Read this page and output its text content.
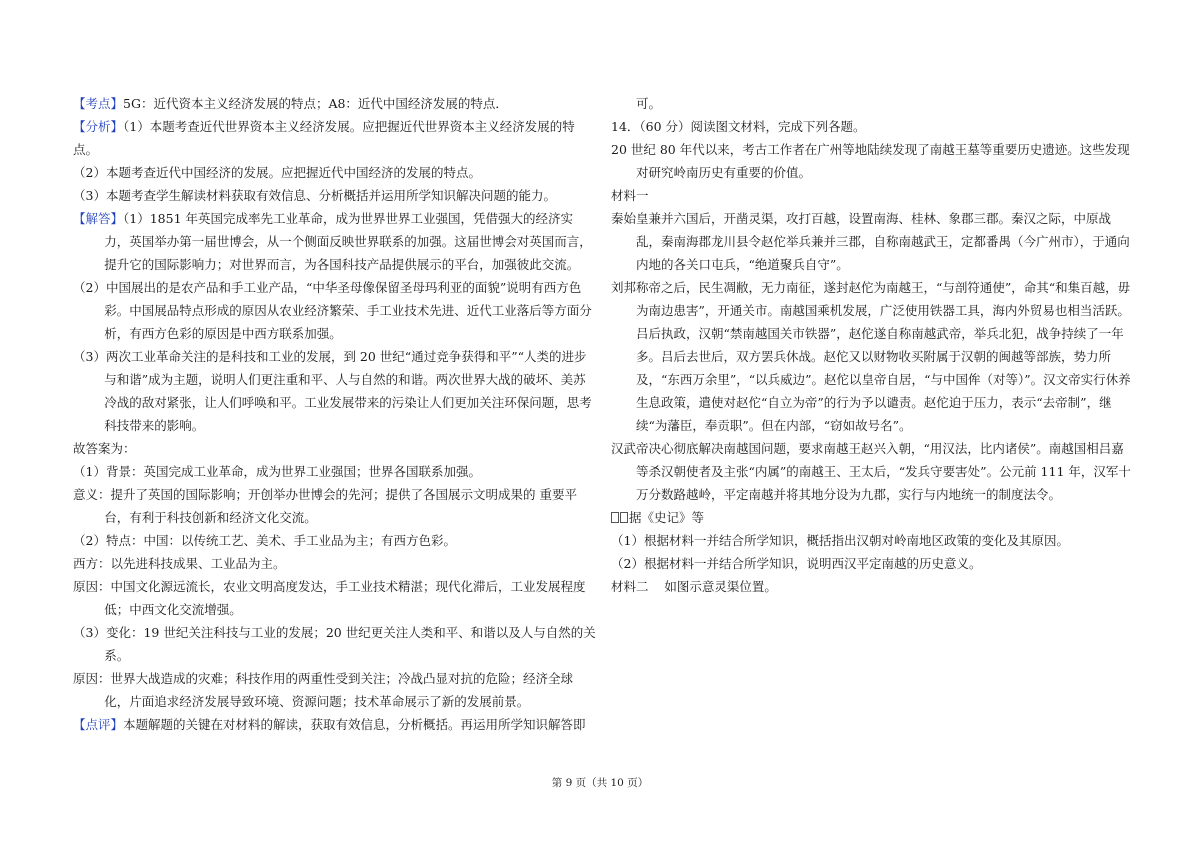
【考点】5G：近代资本主义经济发展的特点；A8：近代中国经济发展的特点．

【分析】（1）本题考查近代世界资本主义经济发展。应把握近代世界资本主义经济发展的特点。

（2）本题考查近代中国经济的发展。应把握近代中国经济的发展的特点。

（3）本题考查学生解读材料获取有效信息、分析概括并运用所学知识解决问题的能力。

【解答】（1）1851 年英国完成率先工业革命，成为世界世界工业强国，凭借强大的经济实力，英国举办第一届世博会，从一个侧面反映世界联系的加强。这届世博会对英国而言，提升它的国际影响力；对世界而言，为各国科技产品提供展示的平台，加强彼此交流。

（2）中国展出的是农产品和手工业产品，“中华圣母像保留圣母玛利亚的面貌”说明有西方色彩。中国展品特点形成的原因从农业经济繁荣、手工业技术先进、近代工业落后等方面分析，有西方色彩的原因是中西方联系加强。

（3）两次工业革命关注的是科技和工业的发展，到 20 世纪“通过竞争获得和平”“人类的进步与和谐”成为主题，说明人们更注重和平、人与自然的和谐。两次世界大战的破坏、美苏冷战的敌对紧张，让人们呼唤和平。工业发展带来的污染让人们更加关注环保问题，思考科技带来的影响。

故答案为：

（1）背景：英国完成工业革命，成为世界工业强国；世界各国联系加强。

意义：提升了英国的国际影响；开创举办世博会的先河；提供了各国展示文明成果的 重要平台，有利于科技创新和经济文化交流。

（2）特点：中国：以传统工艺、美术、手工业品为主；有西方色彩。

西方：以先进科技成果、工业品为主。

原因：中国文化源远流长，农业文明高度发达，手工业技术精湛；现代化滞后，工业发展程度低；中西文化交流增强。

（3）变化：19 世纪关注科技与工业的发展；20 世纪更关注人类和平、和谐以及人与自然的关系。

原因：世界大战造成的灾难；科技作用的两重性受到关注；冷战凸显对抗的危险；经济全球化，片面追求经济发展导致环境、资源问题；技术革命展示了新的发展前景。

【点评】本题解题的关键在对材料的解读，获取有效信息，分析概括。再运用所学知识解答即

可。

14．（60 分）阅读图文材料，完成下列各题。

20 世纪 80 年代以来，考古工作者在广州等地陆续发现了南越王墓等重要历史遗迹。这些发现对研究岭南历史有重要的价值。

材料一

秦始皇兼并六国后，开凿灵渠，攻打百越，设置南海、桂林、象郡三郡。秦汉之际，中原战乱，秦南海郡龙川县令赵佗举兵兼并三郡，自称南越武王，定都番禺（今广州市），于通向内地的各关口屯兵，“绝道聚兵自守”。

刘邦称帝之后，民生凋敝，无力南征，遂封赵佗为南越王，“与剖符通使”，命其“和集百越，毋为南边患害”，开通关市。南越国乘机发展，广泛使用铁器工具，海内外贸易也相当活跃。吕后执政，汉朝“禁南越国关市铁器”，赵佗遂自称南越武帝，举兵北犯，战争持续了一年多。吕后去世后，双方罢兵休战。赵佗又以财物收买附属于汉朝的闽越等部族，势力所及，“东西万余里”，“以兵威边”。赵佗以皇帝自居，“与中国侔（对等）”。汉文帝实行休养生息政策，遣使对赵佗“自立为帝”的行为予以谴责。赵佗迫于压力，表示“去帝制”，继续“为藩臣，奉贡职”。但在内部，“窃如故号名”。

汉武帝决心彻底解决南越国问题，要求南越王赵兴入朝，“用汉法，比内诸侯”。南越国相吕嘉等杀汉朝使者及主张“内属”的南越王、王太后，“发兵守要害处”。公元前 111 年，汉军十万分数路越岭，平定南越并将其地分设为九郡，实行与内地统一的制度法令。

据《史记》等

（1）根据材料一并结合所学知识，概括指出汉朝对岭南地区政策的变化及其原因。

（2）根据材料一并结合所学知识，说明西汉平定南越的历史意义。

材料二    如图示意灵渠位置。

第 9 页（共 10 页）
